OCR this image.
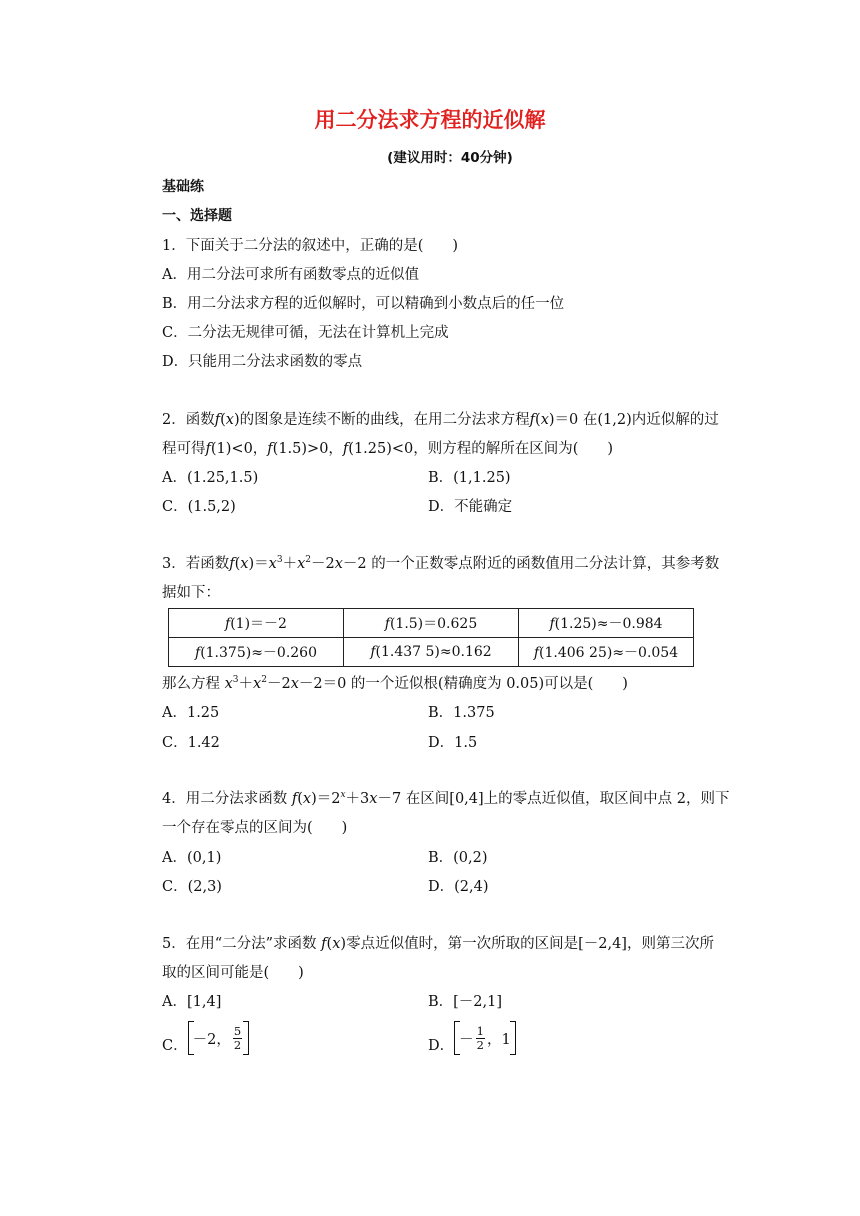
用二分法求方程的近似解
(建议用时：40分钟)
基础练
一、选择题
1．下面关于二分法的叙述中，正确的是(　　)
A．用二分法可求所有函数零点的近似值
B．用二分法求方程的近似解时，可以精确到小数点后的任一位
C．二分法无规律可循，无法在计算机上完成
D．只能用二分法求函数的零点
2．函数f(x)的图象是连续不断的曲线，在用二分法求方程f(x)＝0 在(1,2)内近似解的过
程可得f(1)<0，f(1.5)>0，f(1.25)<0，则方程的解所在区间为(　　)
A．(1.25,1.5)	B．(1,1.25)
C．(1.5,2)	D．不能确定
3．若函数$f(x)=x^3+x^2-2x-2$ 的一个正数零点附近的函数值用二分法计算，其参考数
据如下：
f(1)＝－2	f(1.5)＝0.625	f(1.25)≈－0.984
f(1.375)≈－0.260	f(1.437 5)≈0.162	f(1.406 25)≈－0.054
那么方程 $x^3+x^2-2x-2=0$ 的一个近似根(精确度为 0.05)可以是(　　)
A．1.25	B．1.375
C．1.42	D．1.5
4．用二分法求函数 $f(x)=2^x+3x-7$ 在区间[0,4]上的零点近似值，取区间中点 2，则下
一个存在零点的区间为(　　)
A．(0,1)	B．(0,2)
C．(2,3)	D．(2,4)
5．在用“二分法”求函数 f(x)零点近似值时，第一次所取的区间是[－2,4]，则第三次所
取的区间可能是(　　)
A．[1,4]	B．[－2,1]
C． －2， $\frac{5}{2}$	D． － $\frac{1}{2}$ ，1
